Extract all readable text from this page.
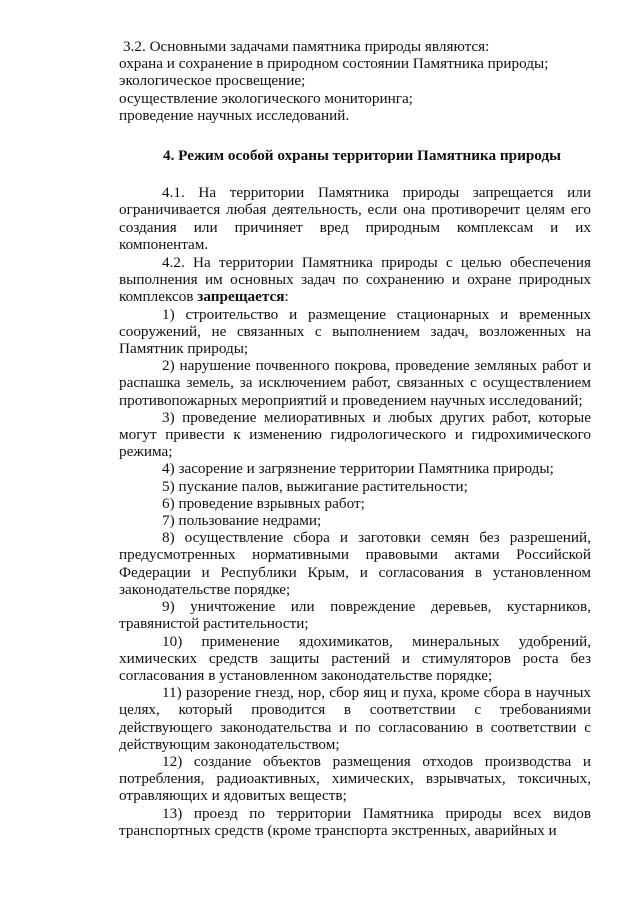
3.2. Основными задачами памятника природы являются:
охрана и сохранение в природном состоянии Памятника природы;
экологическое просвещение;
осуществление экологического мониторинга;
проведение научных исследований.
4. Режим особой охраны территории Памятника природы

4.1. На территории Памятника природы запрещается или ограничивается любая деятельность, если она противоречит целям его создания или причиняет вред природным комплексам и их компонентам.

4.2. На территории Памятника природы с целью обеспечения выполнения им основных задач по сохранению и охране природных комплексов запрещается:

1) строительство и размещение стационарных и временных сооружений, не связанных с выполнением задач, возложенных на Памятник природы;

2) нарушение почвенного покрова, проведение земляных работ и распашка земель, за исключением работ, связанных с осуществлением противопожарных мероприятий и проведением научных исследований;

3) проведение мелиоративных и любых других работ, которые могут привести к изменению гидрологического и гидрохимического режима;

4) засорение и загрязнение территории Памятника природы;

5) пускание палов, выжигание растительности;

6) проведение взрывных работ;

7) пользование недрами;

8) осуществление сбора и заготовки семян без разрешений, предусмотренных нормативными правовыми актами Российской Федерации и Республики Крым, и согласования в установленном законодательстве порядке;

9) уничтожение или повреждение деревьев, кустарников, травянистой растительности;

10) применение ядохимикатов, минеральных удобрений, химических средств защиты растений и стимуляторов роста без согласования в установленном законодательстве порядке;

11) разорение гнезд, нор, сбор яиц и пуха, кроме сбора в научных целях, который проводится в соответствии с требованиями действующего законодательства и по согласованию в соответствии с действующим законодательством;

12) создание объектов размещения отходов производства и потребления, радиоактивных, химических, взрывчатых, токсичных, отравляющих и ядовитых веществ;

13) проезд по территории Памятника природы всех видов транспортных средств (кроме транспорта экстренных, аварийных и
